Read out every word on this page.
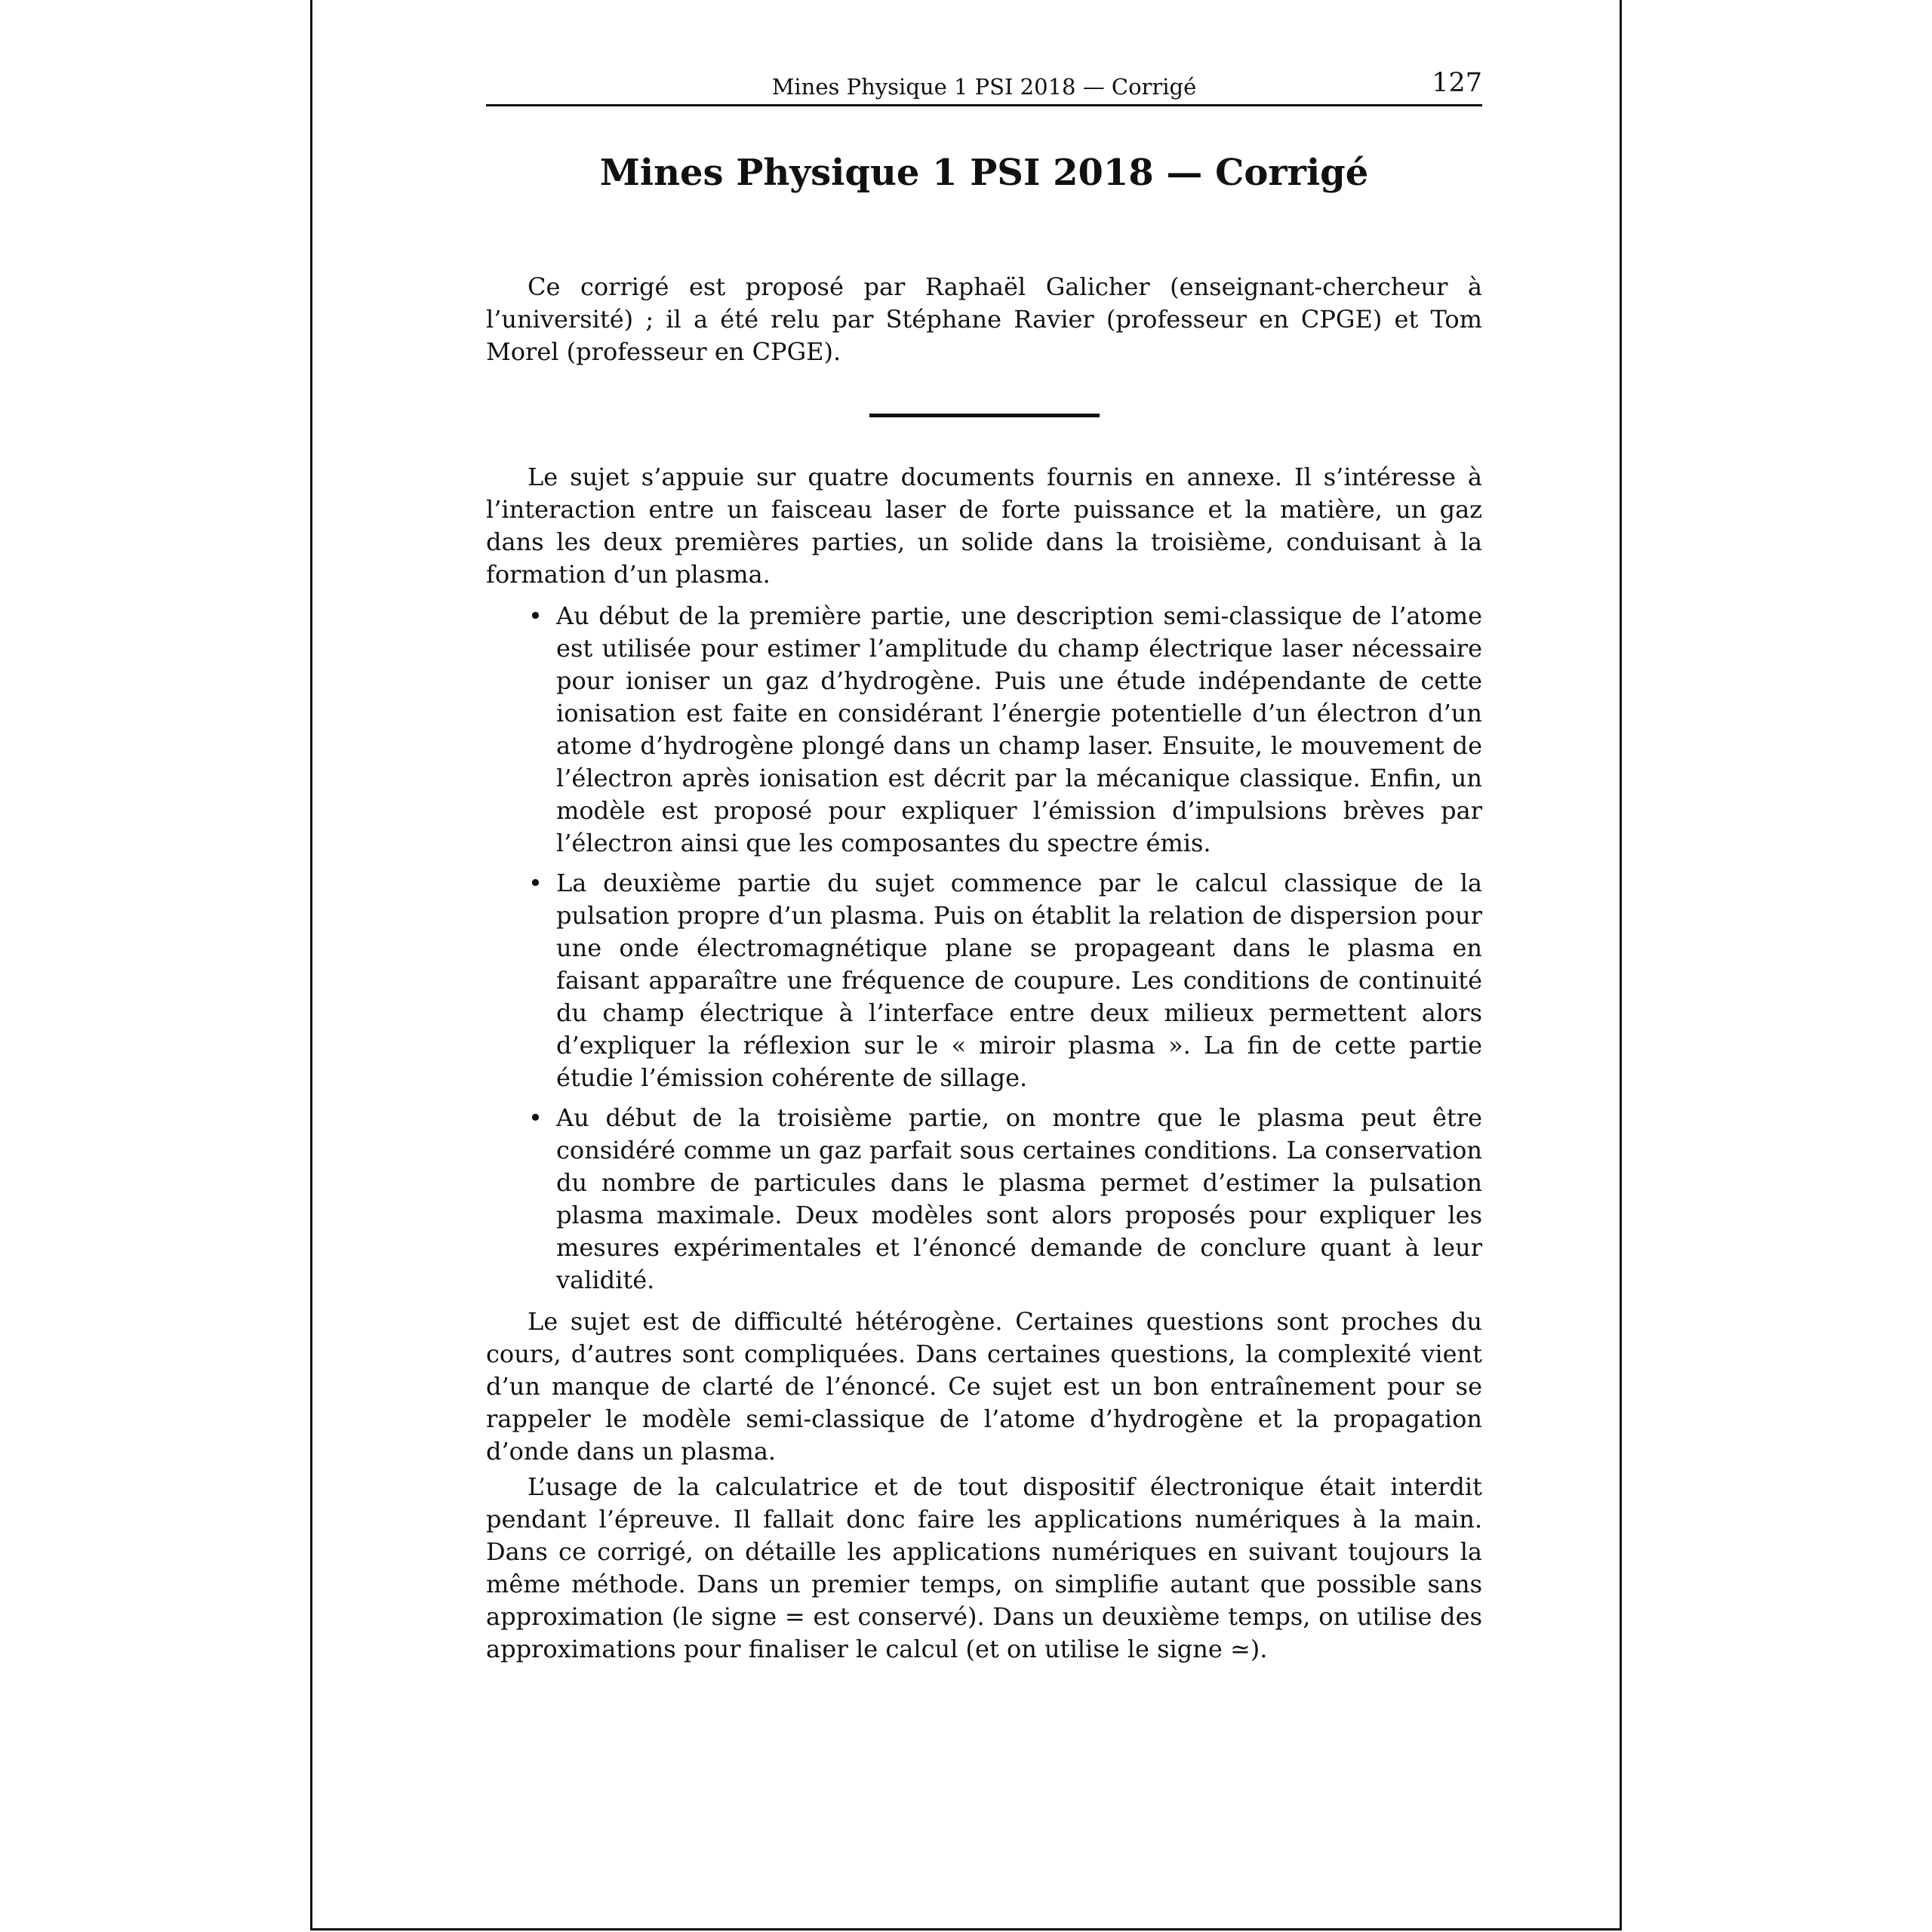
Mines Physique 1 PSI 2018 — Corrigé	127
Mines Physique 1 PSI 2018 — Corrigé

Ce corrigé est proposé par Raphaël Galicher (enseignant-chercheur à l’université) ; il a été relu par Stéphane Ravier (professeur en CPGE) et Tom Morel (professeur en CPGE).

Le sujet s’appuie sur quatre documents fournis en annexe. Il s’intéresse à l’interaction entre un faisceau laser de forte puissance et la matière, un gaz dans les deux premières parties, un solide dans la troisième, conduisant à la formation d’un plasma.

• Au début de la première partie, une description semi-classique de l’atome est utilisée pour estimer l’amplitude du champ électrique laser nécessaire pour ioniser un gaz d’hydrogène. Puis une étude indépendante de cette ionisation est faite en considérant l’énergie potentielle d’un électron d’un atome d’hydrogène plongé dans un champ laser. Ensuite, le mouvement de l’électron après ionisation est décrit par la mécanique classique. Enfin, un modèle est proposé pour expliquer l’émission d’impulsions brèves par l’électron ainsi que les composantes du spectre émis.
• La deuxième partie du sujet commence par le calcul classique de la pulsation propre d’un plasma. Puis on établit la relation de dispersion pour une onde électromagnétique plane se propageant dans le plasma en faisant apparaître une fréquence de coupure. Les conditions de continuité du champ électrique à l’interface entre deux milieux permettent alors d’expliquer la réflexion sur le « miroir plasma ». La fin de cette partie étudie l’émission cohérente de sillage.
• Au début de la troisième partie, on montre que le plasma peut être considéré comme un gaz parfait sous certaines conditions. La conservation du nombre de particules dans le plasma permet d’estimer la pulsation plasma maximale. Deux modèles sont alors proposés pour expliquer les mesures expérimentales et l’énoncé demande de conclure quant à leur validité.

Le sujet est de difficulté hétérogène. Certaines questions sont proches du cours, d’autres sont compliquées. Dans certaines questions, la complexité vient d’un manque de clarté de l’énoncé. Ce sujet est un bon entraînement pour se rappeler le modèle semi-classique de l’atome d’hydrogène et la propagation d’onde dans un plasma.

L’usage de la calculatrice et de tout dispositif électronique était interdit pendant l’épreuve. Il fallait donc faire les applications numériques à la main. Dans ce corrigé, on détaille les applications numériques en suivant toujours la même méthode. Dans un premier temps, on simplifie autant que possible sans approximation (le signe = est conservé). Dans un deuxième temps, on utilise des approximations pour finaliser le calcul (et on utilise le signe ≃).
